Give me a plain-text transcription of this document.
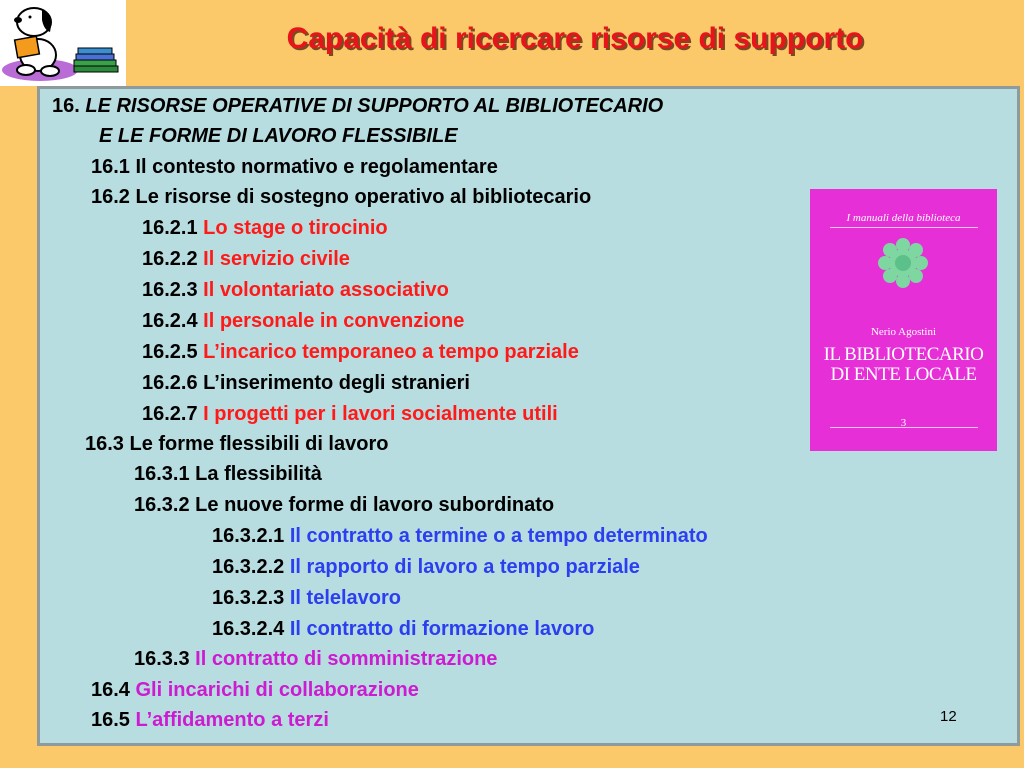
Capacità di ricercare risorse di supporto
16. LE RISORSE OPERATIVE DI SUPPORTO AL BIBLIOTECARIO
E LE FORME DI LAVORO FLESSIBILE
16.1 Il contesto normativo e regolamentare
16.2 Le risorse di sostegno operativo al bibliotecario
16.2.1 Lo stage o tirocinio
16.2.2 Il servizio civile
16.2.3 Il volontariato associativo
16.2.4 Il personale in convenzione
16.2.5 L’incarico temporaneo a tempo parziale
16.2.6 L’inserimento degli stranieri
16.2.7 I progetti per i lavori socialmente utili
16.3 Le forme flessibili di lavoro
16.3.1 La flessibilità
16.3.2 Le nuove forme di lavoro subordinato
16.3.2.1 Il contratto a termine o a tempo determinato
16.3.2.2 Il rapporto di lavoro a tempo parziale
16.3.2.3 Il telelavoro
16.3.2.4 Il contratto di formazione lavoro
16.3.3 Il contratto di somministrazione
16.4 Gli incarichi di collaborazione
16.5 L’affidamento a terzi
I manuali della biblioteca
Nerio Agostini
IL BIBLIOTECARIO
DI ENTE LOCALE
3
12
